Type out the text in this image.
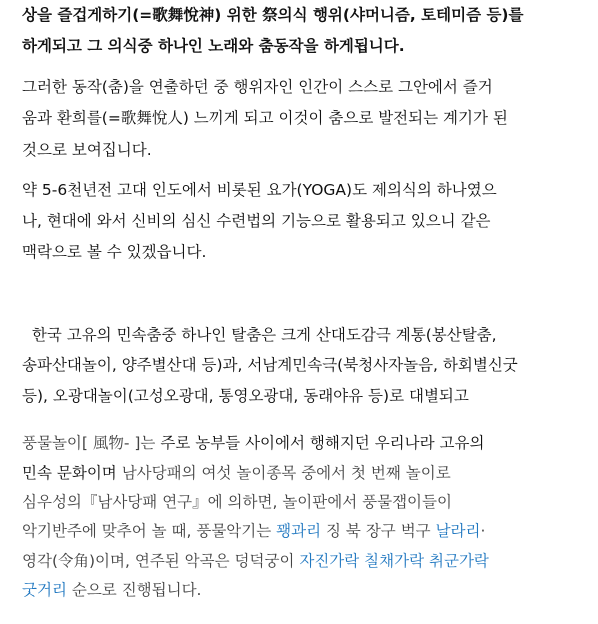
상을 즐겁게하기(=歌舞悅神) 위한 祭의식 행위(샤머니즘, 토테미즘 등)를
하게되고 그 의식중 하나인 노래와 춤동작을 하게됩니다.
그러한 동작(춤)을 연출하던 중 행위자인 인간이 스스로 그안에서 즐거
움과 환희를(=歌舞悅人) 느끼게 되고 이것이 춤으로 발전되는 계기가 된
것으로 보여집니다.
약 5-6천년전 고대 인도에서 비롯된 요가(YOGA)도 제의식의 하나였으
나, 현대에 와서 신비의 심신 수련법의 기능으로 활용되고 있으니 같은
맥락으로 볼 수 있겠읍니다.
한국 고유의 민속춤중 하나인 탈춤은 크게 산대도감극 계통(봉산탈춤,
송파산대놀이, 양주별산대 등)과, 서남계민속극(북청사자놀음, 하회별신굿
등), 오광대놀이(고성오광대, 통영오광대, 동래야유 등)로 대별되고
풍물놀이[ 風物- ]는 주로 농부들 사이에서 행해지던 우리나라 고유의
민속 문화이며 남사당패의 여섯 놀이종목 중에서 첫 번째 놀이로
심우성의『남사당패 연구』에 의하면, 놀이판에서 풍물잽이들이
악기반주에 맞추어 놀 때, 풍물악기는 꽹과리 징 북 장구 벅구 날라리·
영각(令角)이며, 연주된 악곡은 덩덕궁이 자진가락 칠채가락 취군가락
굿거리 순으로 진행됩니다.
